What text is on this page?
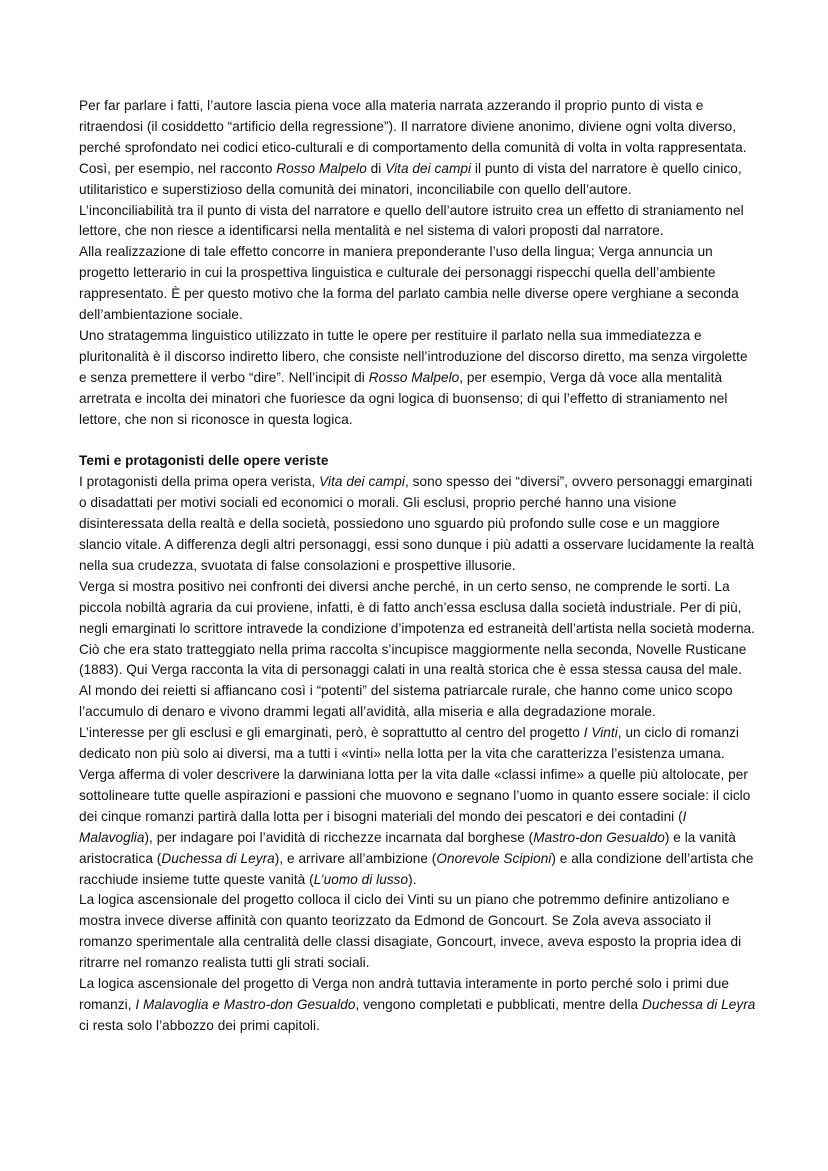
Per far parlare i fatti, l’autore lascia piena voce alla materia narrata azzerando il proprio punto di vista e ritraendosi (il cosiddetto “artificio della regressione”). Il narratore diviene anonimo, diviene ogni volta diverso, perché sprofondato nei codici etico-culturali e di comportamento della comunità di volta in volta rappresentata. Così, per esempio, nel racconto Rosso Malpelo di Vita dei campi il punto di vista del narratore è quello cinico, utilitaristico e superstizioso della comunità dei minatori, inconciliabile con quello dell’autore.

L’inconciliabilità tra il punto di vista del narratore e quello dell’autore istruito crea un effetto di straniamento nel lettore, che non riesce a identificarsi nella mentalità e nel sistema di valori proposti dal narratore.

Alla realizzazione di tale effetto concorre in maniera preponderante l’uso della lingua; Verga annuncia un progetto letterario in cui la prospettiva linguistica e culturale dei personaggi rispecchi quella dell’ambiente rappresentato. È per questo motivo che la forma del parlato cambia nelle diverse opere verghiane a seconda dell’ambientazione sociale.

Uno stratagemma linguistico utilizzato in tutte le opere per restituire il parlato nella sua immediatezza e pluritonalità è il discorso indiretto libero, che consiste nell’introduzione del discorso diretto, ma senza virgolette e senza premettere il verbo “dire”. Nell’incipit di Rosso Malpelo, per esempio, Verga dà voce alla mentalità arretrata e incolta dei minatori che fuoriesce da ogni logica di buonsenso; di qui l’effetto di straniamento nel lettore, che non si riconosce in questa logica.

Temi e protagonisti delle opere veriste

I protagonisti della prima opera verista, Vita dei campi, sono spesso dei “diversi”, ovvero personaggi emarginati o disadattati per motivi sociali ed economici o morali. Gli esclusi, proprio perché hanno una visione disinteressata della realtà e della società, possiedono uno sguardo più profondo sulle cose e un maggiore slancio vitale. A differenza degli altri personaggi, essi sono dunque i più adatti a osservare lucidamente la realtà nella sua crudezza, svuotata di false consolazioni e prospettive illusorie.

Verga si mostra positivo nei confronti dei diversi anche perché, in un certo senso, ne comprende le sorti. La piccola nobiltà agraria da cui proviene, infatti, è di fatto anch’essa esclusa dalla società industriale. Per di più, negli emarginati lo scrittore intravede la condizione d’impotenza ed estraneità dell’artista nella società moderna.

Ciò che era stato tratteggiato nella prima raccolta s’incupisce maggiormente nella seconda, Novelle Rusticane (1883). Qui Verga racconta la vita di personaggi calati in una realtà storica che è essa stessa causa del male. Al mondo dei reietti si affiancano così i “potenti” del sistema patriarcale rurale, che hanno come unico scopo l’accumulo di denaro e vivono drammi legati all’avidità, alla miseria e alla degradazione morale.

L’interesse per gli esclusi e gli emarginati, però, è soprattutto al centro del progetto I Vinti, un ciclo di romanzi dedicato non più solo ai diversi, ma a tutti i «vinti» nella lotta per la vita che caratterizza l’esistenza umana. Verga afferma di voler descrivere la darwiniana lotta per la vita dalle «classi infime» a quelle più altolocate, per sottolineare tutte quelle aspirazioni e passioni che muovono e segnano l’uomo in quanto essere sociale: il ciclo dei cinque romanzi partirà dalla lotta per i bisogni materiali del mondo dei pescatori e dei contadini (I Malavoglia), per indagare poi l’avidità di ricchezze incarnata dal borghese (Mastro-don Gesualdo) e la vanità aristocratica (Duchessa di Leyra), e arrivare all’ambizione (Onorevole Scipioni) e alla condizione dell’artista che racchiude insieme tutte queste vanità (L’uomo di lusso).

La logica ascensionale del progetto colloca il ciclo dei Vinti su un piano che potremmo definire antizoliano e mostra invece diverse affinità con quanto teorizzato da Edmond de Goncourt. Se Zola aveva associato il romanzo sperimentale alla centralità delle classi disagiate, Goncourt, invece, aveva esposto la propria idea di ritrarre nel romanzo realista tutti gli strati sociali.

La logica ascensionale del progetto di Verga non andrà tuttavia interamente in porto perché solo i primi due romanzi, I Malavoglia e Mastro-don Gesualdo, vengono completati e pubblicati, mentre della Duchessa di Leyra ci resta solo l’abbozzo dei primi capitoli.
